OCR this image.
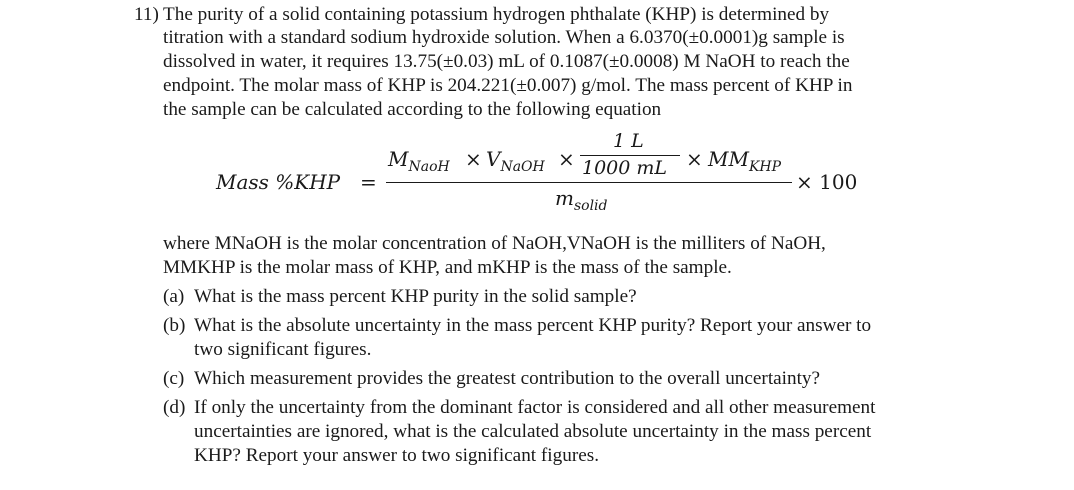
11) The purity of a solid containing potassium hydrogen phthalate (KHP) is determined by
titration with a standard sodium hydroxide solution. When a 6.0370(±0.0001)g sample is
dissolved in water, it requires 13.75(±0.03) mL of 0.1087(±0.0008) M NaOH to reach the
endpoint. The molar mass of KHP is 204.221(±0.007) g/mol. The mass percent of KHP in
the sample can be calculated according to the following equation
Mass %KHP =
$M_{NaoH} \times V_{NaOH}$ ×
1 L
1000 mL × $MM_{KHP}$
$m_{solid}$
× 100
where MNaOH is the molar concentration of NaOH,VNaOH is the milliters of NaOH,
MMKHP is the molar mass of KHP, and mKHP is the mass of the sample.
(a) What is the mass percent KHP purity in the solid sample?
(b) What is the absolute uncertainty in the mass percent KHP purity? Report your answer to
two significant figures.
(c) Which measurement provides the greatest contribution to the overall uncertainty?
(d) If only the uncertainty from the dominant factor is considered and all other measurement
uncertainties are ignored, what is the calculated absolute uncertainty in the mass percent
KHP? Report your answer to two significant figures.
